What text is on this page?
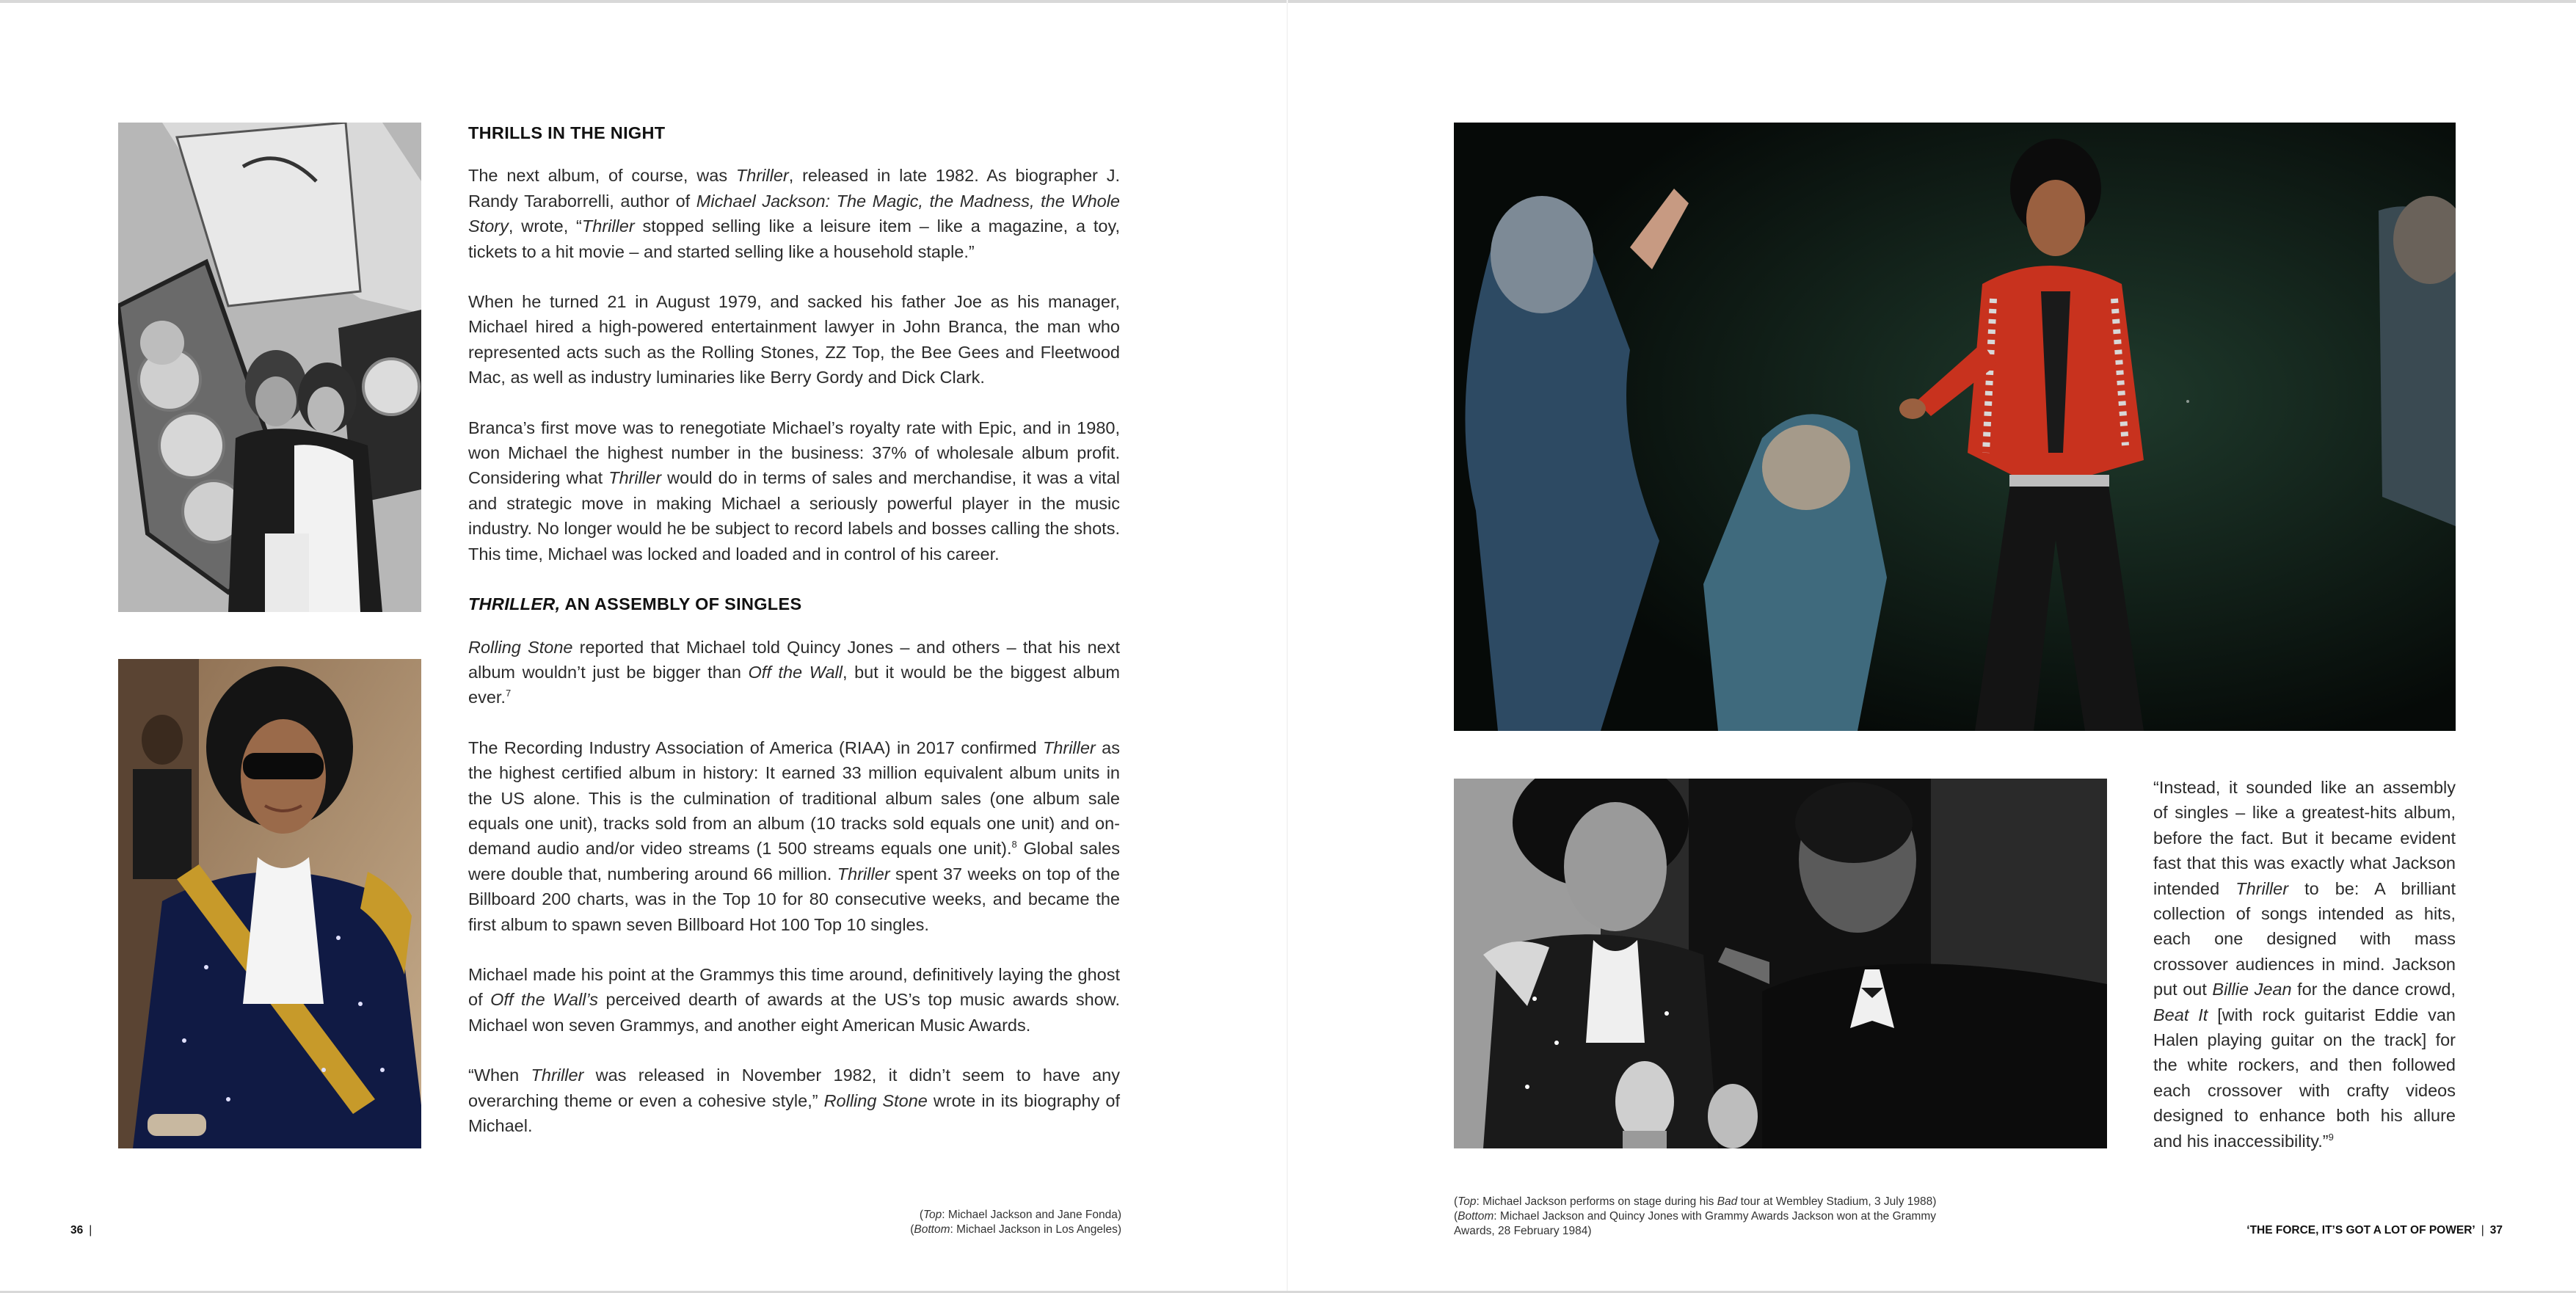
THRILLS IN THE NIGHT

The next album, of course, was Thriller, released in late 1982. As biographer J. Randy Taraborrelli, author of Michael Jackson: The Magic, the Madness, the Whole Story, wrote, “Thriller stopped selling like a leisure item – like a magazine, a toy, tickets to a hit movie – and started selling like a household staple.”

When he turned 21 in August 1979, and sacked his father Joe as his manager, Michael hired a high-powered entertainment lawyer in John Branca, the man who represented acts such as the Rolling Stones, ZZ Top, the Bee Gees and Fleetwood Mac, as well as industry luminaries like Berry Gordy and Dick Clark.

Branca’s first move was to renegotiate Michael’s royalty rate with Epic, and in 1980, won Michael the highest number in the business: 37% of wholesale album profit. Considering what Thriller would do in terms of sales and merchandise, it was a vital and strategic move in making Michael a seriously powerful player in the music industry. No longer would he be subject to record labels and bosses calling the shots. This time, Michael was locked and loaded and in control of his career.

THRILLER, AN ASSEMBLY OF SINGLES

Rolling Stone reported that Michael told Quincy Jones – and others – that his next album wouldn’t just be bigger than Off the Wall, but it would be the biggest album ever.$^7$

The Recording Industry Association of America (RIAA) in 2017 confirmed Thriller as the highest certified album in history: It earned 33 million equivalent album units in the US alone. This is the culmination of traditional album sales (one album sale equals one unit), tracks sold from an album (10 tracks sold equals one unit) and on-demand audio and/or video streams (1 500 streams equals one unit).$^8$ Global sales were double that, numbering around 66 million. Thriller spent 37 weeks on top of the Billboard 200 charts, was in the Top 10 for 80 consecutive weeks, and became the first album to spawn seven Billboard Hot 100 Top 10 singles.

Michael made his point at the Grammys this time around, definitively laying the ghost of Off the Wall’s perceived dearth of awards at the US’s top music awards show. Michael won seven Grammys, and another eight American Music Awards.

“When Thriller was released in November 1982, it didn’t seem to have any overarching theme or even a cohesive style,” Rolling Stone wrote in its biography of Michael.

(Top: Michael Jackson and Jane Fonda)
(Bottom: Michael Jackson in Los Angeles)
36 |
“Instead, it sounded like an assembly of singles – like a greatest-hits album, before the fact. But it became evident fast that this was exactly what Jackson intended Thriller to be: A brilliant collection of songs intended as hits, each one designed with mass crossover audiences in mind. Jackson put out Billie Jean for the dance crowd, Beat It [with rock guitarist Eddie van Halen playing guitar on the track] for the white rockers, and then followed each crossover with crafty videos designed to enhance both his allure and his inaccessibility.”$^9$
(Top: Michael Jackson performs on stage during his Bad tour at Wembley Stadium, 3 July 1988)
(Bottom: Michael Jackson and Quincy Jones with Grammy Awards Jackson won at the Grammy Awards, 28 February 1984)	‘THE FORCE, IT’S GOT A LOT OF POWER’ | 37
